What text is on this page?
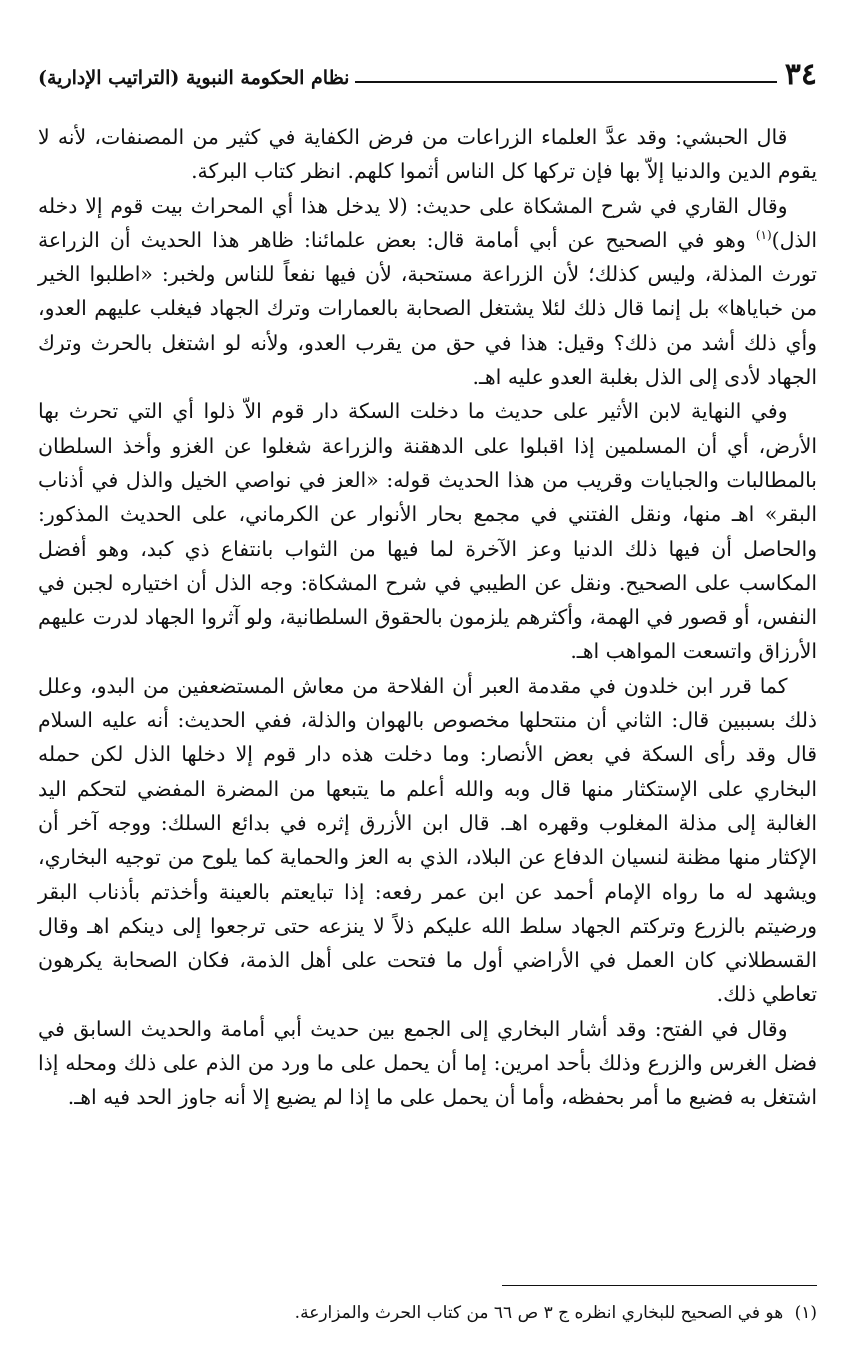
٣٤
نظام الحكومة النبوية (التراتيب الإدارية)

قال الحبشي: وقد عدَّ العلماء الزراعات من فرض الكفاية في كثير من المصنفات، لأنه لا يقوم الدين والدنيا إلاّ بها فإن تركها كل الناس أثموا كلهم. انظر كتاب البركة.

وقال القاري في شرح المشكاة على حديث: (لا يدخل هذا أي المحراث بيت قوم إلا دخله الذل)$^{(١)}$ وهو في الصحيح عن أبي أمامة قال: بعض علمائنا: ظاهر هذا الحديث أن الزراعة تورث المذلة، وليس كذلك؛ لأن الزراعة مستحبة، لأن فيها نفعاً للناس ولخبر: «اطلبوا الخير من خباياها» بل إنما قال ذلك لئلا يشتغل الصحابة بالعمارات وترك الجهاد فيغلب عليهم العدو، وأي ذلك أشد من ذلك؟ وقيل: هذا في حق من يقرب العدو، ولأنه لو اشتغل بالحرث وترك الجهاد لأدى إلى الذل بغلبة العدو عليه اهـ.

وفي النهاية لابن الأثير على حديث ما دخلت السكة دار قوم الاّ ذلوا أي التي تحرث بها الأرض، أي أن المسلمين إذا اقبلوا على الدهقنة والزراعة شغلوا عن الغزو وأخذ السلطان بالمطالبات والجبايات وقريب من هذا الحديث قوله: «العز في نواصي الخيل والذل في أذناب البقر» اهـ منها، ونقل الفتني في مجمع بحار الأنوار عن الكرماني، على الحديث المذكور: والحاصل أن فيها ذلك الدنيا وعز الآخرة لما فيها من الثواب بانتفاع ذي كبد، وهو أفضل المكاسب على الصحيح. ونقل عن الطيبي في شرح المشكاة: وجه الذل أن اختياره لجبن في النفس، أو قصور في الهمة، وأكثرهم يلزمون بالحقوق السلطانية، ولو آثروا الجهاد لدرت عليهم الأرزاق واتسعت المواهب اهـ.

كما قرر ابن خلدون في مقدمة العبر أن الفلاحة من معاش المستضعفين من البدو، وعلل ذلك بسببين قال: الثاني أن منتحلها مخصوص بالهوان والذلة، ففي الحديث: أنه عليه السلام قال وقد رأى السكة في بعض الأنصار: وما دخلت هذه دار قوم إلا دخلها الذل لكن حمله البخاري على الإستكثار منها قال وبه والله أعلم ما يتبعها من المضرة المفضي لتحكم اليد الغالبة إلى مذلة المغلوب وقهره اهـ. قال ابن الأزرق إثره في بدائع السلك: ووجه آخر أن الإكثار منها مظنة لنسيان الدفاع عن البلاد، الذي به العز والحماية كما يلوح من توجيه البخاري، ويشهد له ما رواه الإمام أحمد عن ابن عمر رفعه: إذا تبايعتم بالعينة وأخذتم بأذناب البقر ورضيتم بالزرع وتركتم الجهاد سلط الله عليكم ذلاً لا ينزعه حتى ترجعوا إلى دينكم اهـ وقال القسطلاني كان العمل في الأراضي أول ما فتحت على أهل الذمة، فكان الصحابة يكرهون تعاطي ذلك.

وقال في الفتح: وقد أشار البخاري إلى الجمع بين حديث أبي أمامة والحديث السابق في فضل الغرس والزرع وذلك بأحد امرين: إما أن يحمل على ما ورد من الذم على ذلك ومحله إذا اشتغل به فضيع ما أمر بحفظه، وأما أن يحمل على ما إذا لم يضيع إلا أنه جاوز الحد فيه اهـ.

(١) هو في الصحيح للبخاري انظره ج ٣ ص ٦٦ من كتاب الحرث والمزارعة.
